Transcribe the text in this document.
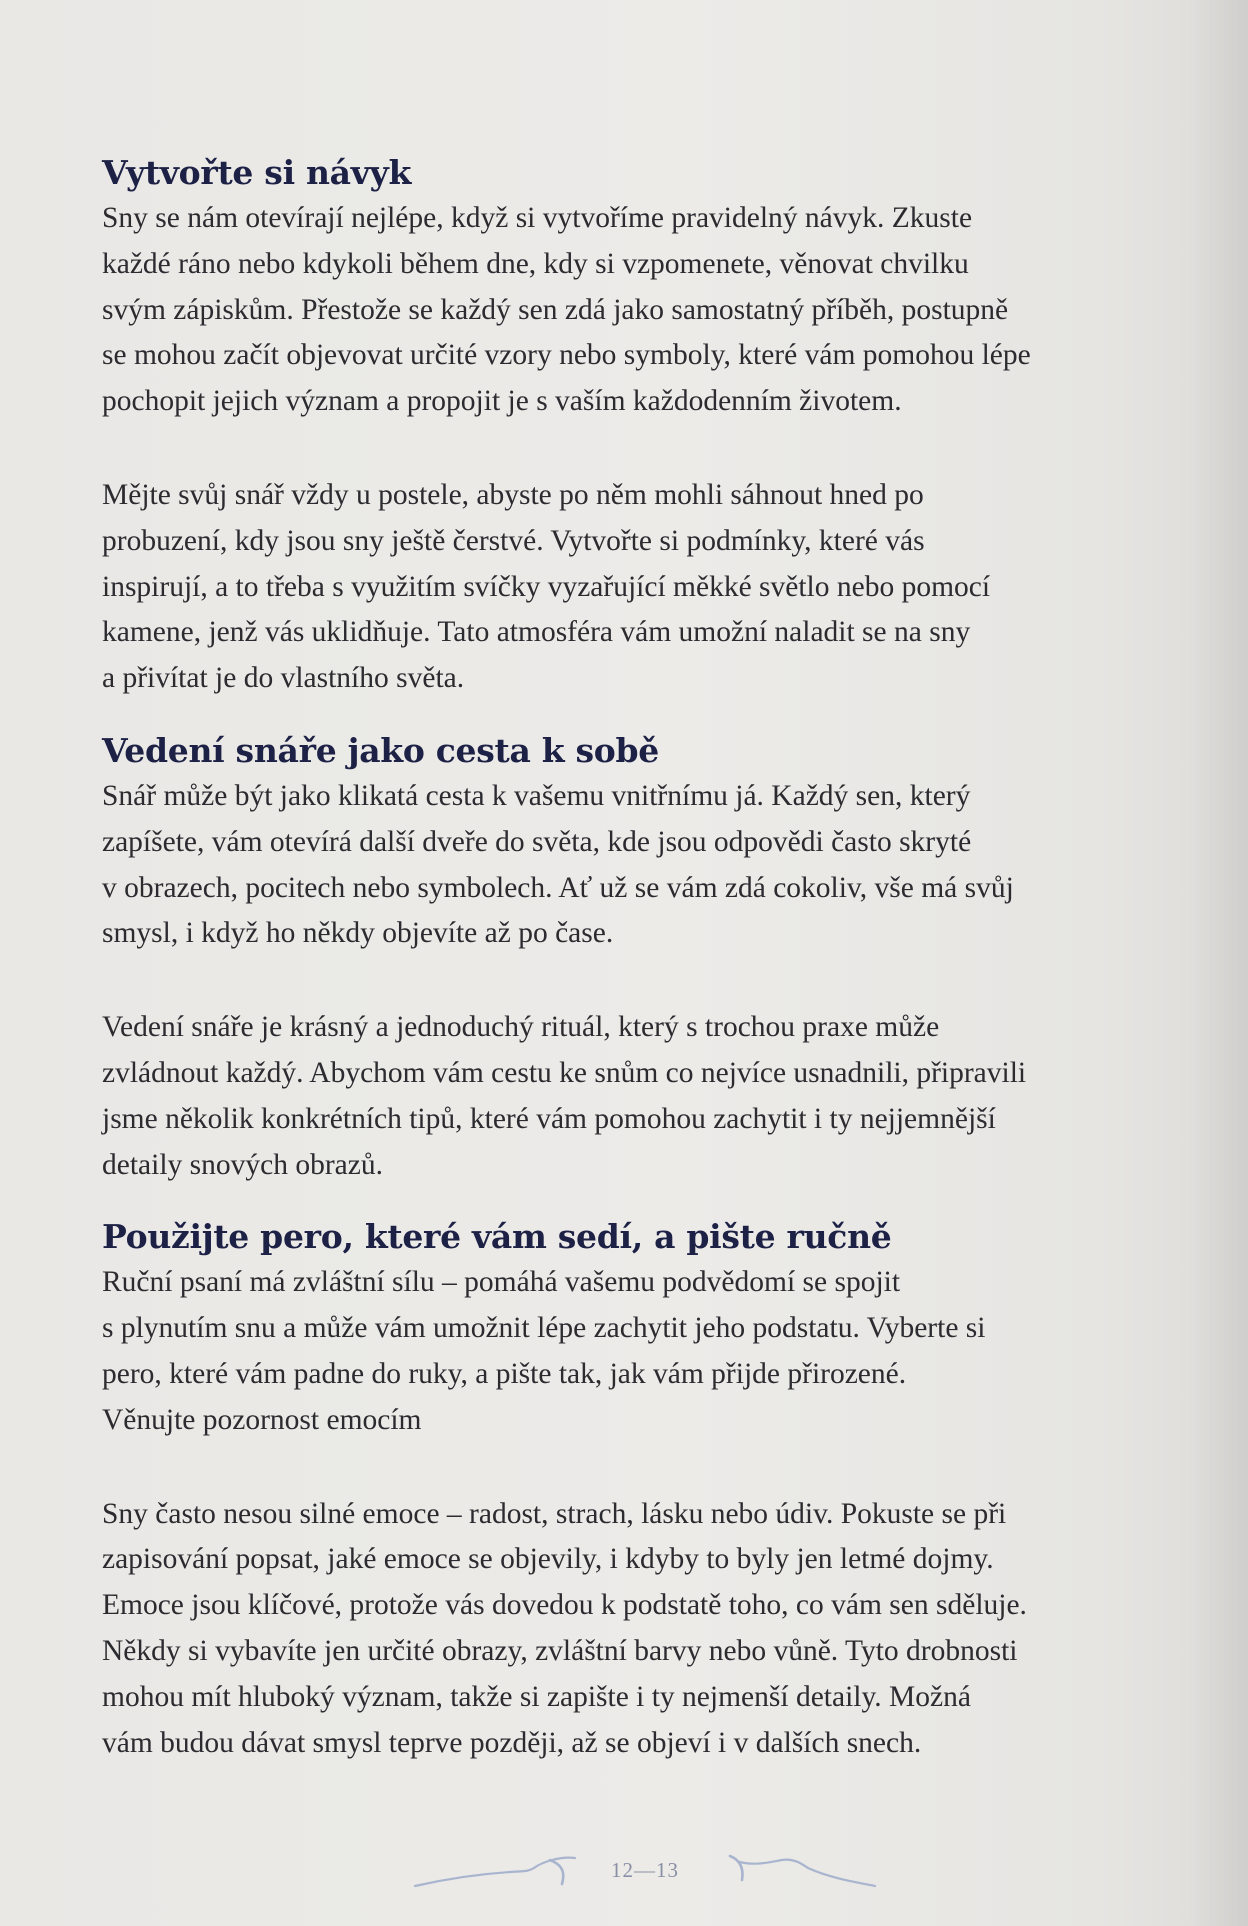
Vytvořte si návyk

Sny se nám otevírají nejlépe, když si vytvoříme pravidelný návyk. Zkuste
každé ráno nebo kdykoli během dne, kdy si vzpomenete, věnovat chvilku
svým zápiskům. Přestože se každý sen zdá jako samostatný příběh, postupně
se mohou začít objevovat určité vzory nebo symboly, které vám pomohou lépe
pochopit jejich význam a propojit je s vaším každodenním životem.

Mějte svůj snář vždy u postele, abyste po něm mohli sáhnout hned po
probuzení, kdy jsou sny ještě čerstvé. Vytvořte si podmínky, které vás
inspirují, a to třeba s využitím svíčky vyzařující měkké světlo nebo pomocí
kamene, jenž vás uklidňuje. Tato atmosféra vám umožní naladit se na sny
a přivítat je do vlastního světa.

Vedení snáře jako cesta k sobě

Snář může být jako klikatá cesta k vašemu vnitřnímu já. Každý sen, který
zapíšete, vám otevírá další dveře do světa, kde jsou odpovědi často skryté
v obrazech, pocitech nebo symbolech. Ať už se vám zdá cokoliv, vše má svůj
smysl, i když ho někdy objevíte až po čase.

Vedení snáře je krásný a jednoduchý rituál, který s trochou praxe může
zvládnout každý. Abychom vám cestu ke snům co nejvíce usnadnili, připravili
jsme několik konkrétních tipů, které vám pomohou zachytit i ty nejjemnější
detaily snových obrazů.

Použijte pero, které vám sedí, a pište ručně

Ruční psaní má zvláštní sílu – pomáhá vašemu podvědomí se spojit
s plynutím snu a může vám umožnit lépe zachytit jeho podstatu. Vyberte si
pero, které vám padne do ruky, a pište tak, jak vám přijde přirozené.
Věnujte pozornost emocím

Sny často nesou silné emoce – radost, strach, lásku nebo údiv. Pokuste se při
zapisování popsat, jaké emoce se objevily, i kdyby to byly jen letmé dojmy.
Emoce jsou klíčové, protože vás dovedou k podstatě toho, co vám sen sděluje.
Někdy si vybavíte jen určité obrazy, zvláštní barvy nebo vůně. Tyto drobnosti
mohou mít hluboký význam, takže si zapište i ty nejmenší detaily. Možná
vám budou dávat smysl teprve později, až se objeví i v dalších snech.

12—13
